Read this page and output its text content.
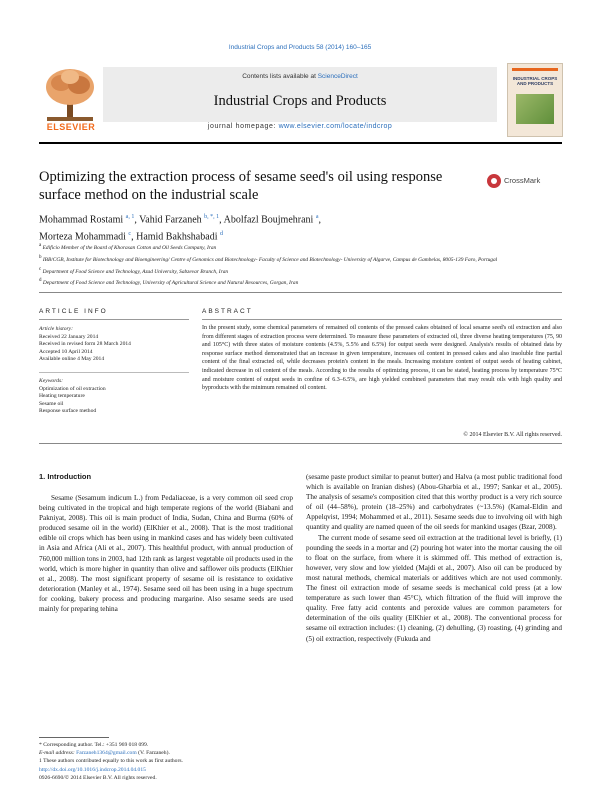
Industrial Crops and Products 58 (2014) 160–165
ELSEVIER
Contents lists available at ScienceDirect
Industrial Crops and Products
journal homepage: www.elsevier.com/locate/indcrop
INDUSTRIAL CROPS AND PRODUCTS
Optimizing the extraction process of sesame seed's oil using response surface method on the industrial scale
CrossMark
Mohammad Rostami $^{a, 1}$, Vahid Farzaneh $^{b, *, 1}$, Abolfazl Boujmehrani $^a$,
Morteza Mohammadi $^c$, Hamid Bakhshabadi $^d$
$^a$ Edificio Member of the Board of Khorasan Cotton and Oil Seeds Company, Iran
$^b$ IBB/CGB, Institute for Biotechnology and Bioengineering/ Centre of Genomics and Biotechnology- Faculty of Science and Biotechnology- University of Algarve, Campus de Gambelas, 8005-139 Faro, Portugal
$^c$ Department of Food Science and Technology, Azad University, Sabzevar Branch, Iran
$^d$ Department of Food Science and Technology, University of Agricultural Science and Natural Resources, Gorgan, Iran
ARTICLE INFO
Article history:
Received 22 January 2014
Received in revised form 28 March 2014
Accepted 10 April 2014
Available online 4 May 2014
Keywords:
Optimization of oil extraction
Heating temperature
Sesame oil
Response surface method
ABSTRACT
In the present study, some chemical parameters of remained oil contents of the pressed cakes obtained of local sesame seed's oil extraction and also from different stages of extraction process were determined. To measure these parameters of extracted oil, three diverse heating temperatures (75, 90 and 105°C) with three states of moisture contents (4.5%, 5.5% and 6.5%) for output seeds were designed. Analysis's results of obtained data by response surface method demonstrated that an increase in given temperature, increases oil content in pressed cakes and also insoluble fine partial content of the final extracted oil, while decreases protein's content in the meals. Increasing moisture content of output seeds of heating cabinet, indicated decrease in oil content of the meals. According to the results of optimizing process, it can be stated, heating process by temperature 75°C and moisture content of output seeds in confine of 6.3–6.5%, are high yielded combined parameters that may result oils with high quality and byproducts with the minimum remained oil content.
© 2014 Elsevier B.V. All rights reserved.
1. Introduction

Sesame (Sesamum indicum L.) from Pedaliaceae, is a very common oil seed crop being cultivated in the tropical and high temperate regions of the world (Biabani and Pakniyat, 2008). This oil is main product of India, Sudan, China and Burma (60% of produced sesame oil in the world) (ElKhier et al., 2008). That is the most traditional edible oil crops which has been using in mankind cases and has widely been cultivated in Asia and Africa (Ali et al., 2007). This healthful product, with annual production of 760,000 million tons in 2003, had 12th rank as largest vegetable oil products used in the world, which is more higher in quantity than olive and safflower oils products (ElKhier et al., 2008). The most significant property of sesame oil is resistance to oxidative deterioration (Manley et al., 1974). Sesame seed oil has been using in a huge spectrum for cooking, bakery process and producing margarine. Also sesame seeds are used mainly for preparing tehina

(sesame paste product similar to peanut butter) and Halva (a most public traditional food which is available on Iranian dishes) (Abou-Gharbia et al., 1997; Sankar et al., 2005). The analysis of sesame's composition cited that this worthy product is a very rich source of oil (44–58%), protein (18–25%) and carbohydrates (~13.5%) (Kamal-Eldin and Appelqvist, 1994; Mohammed et al., 2011). Sesame seeds due to involving oil with high quantity and quality are named queen of the oil seeds for mankind usages (Bzar, 2008).

The current mode of sesame seed oil extraction at the traditional level is briefly, (1) pounding the seeds in a mortar and (2) pouring hot water into the mortar causing the oil to float on the surface, from where it is skimmed off. This method of extraction is, however, very slow and low yielded (Majdi et al., 2007). Also oil can be produced by most natural methods, chemical materials or additives which are not used commonly. The finest oil extraction mode of sesame seeds is mechanical cold press (at a low temperature as such lower than 45°C), which filtration of the fluid will improve the quality. Free fatty acid contents and peroxide values are common parameters for determination of the oils quality (ElKhier et al., 2008). The conventional process for sesame oil extraction includes: (1) cleaning, (2) dehulling, (3) roasting, (4) grinding and (5) oil extraction, respectively (Fukuda and

* Corresponding author. Tel.: +351 969 018 099.
E-mail address: Farzaneh1364@gmail.com (V. Farzaneh).
1 These authors contributed equally to this work as first authors.
http://dx.doi.org/10.1016/j.indcrop.2014.04.015
0926-6690/© 2014 Elsevier B.V. All rights reserved.
